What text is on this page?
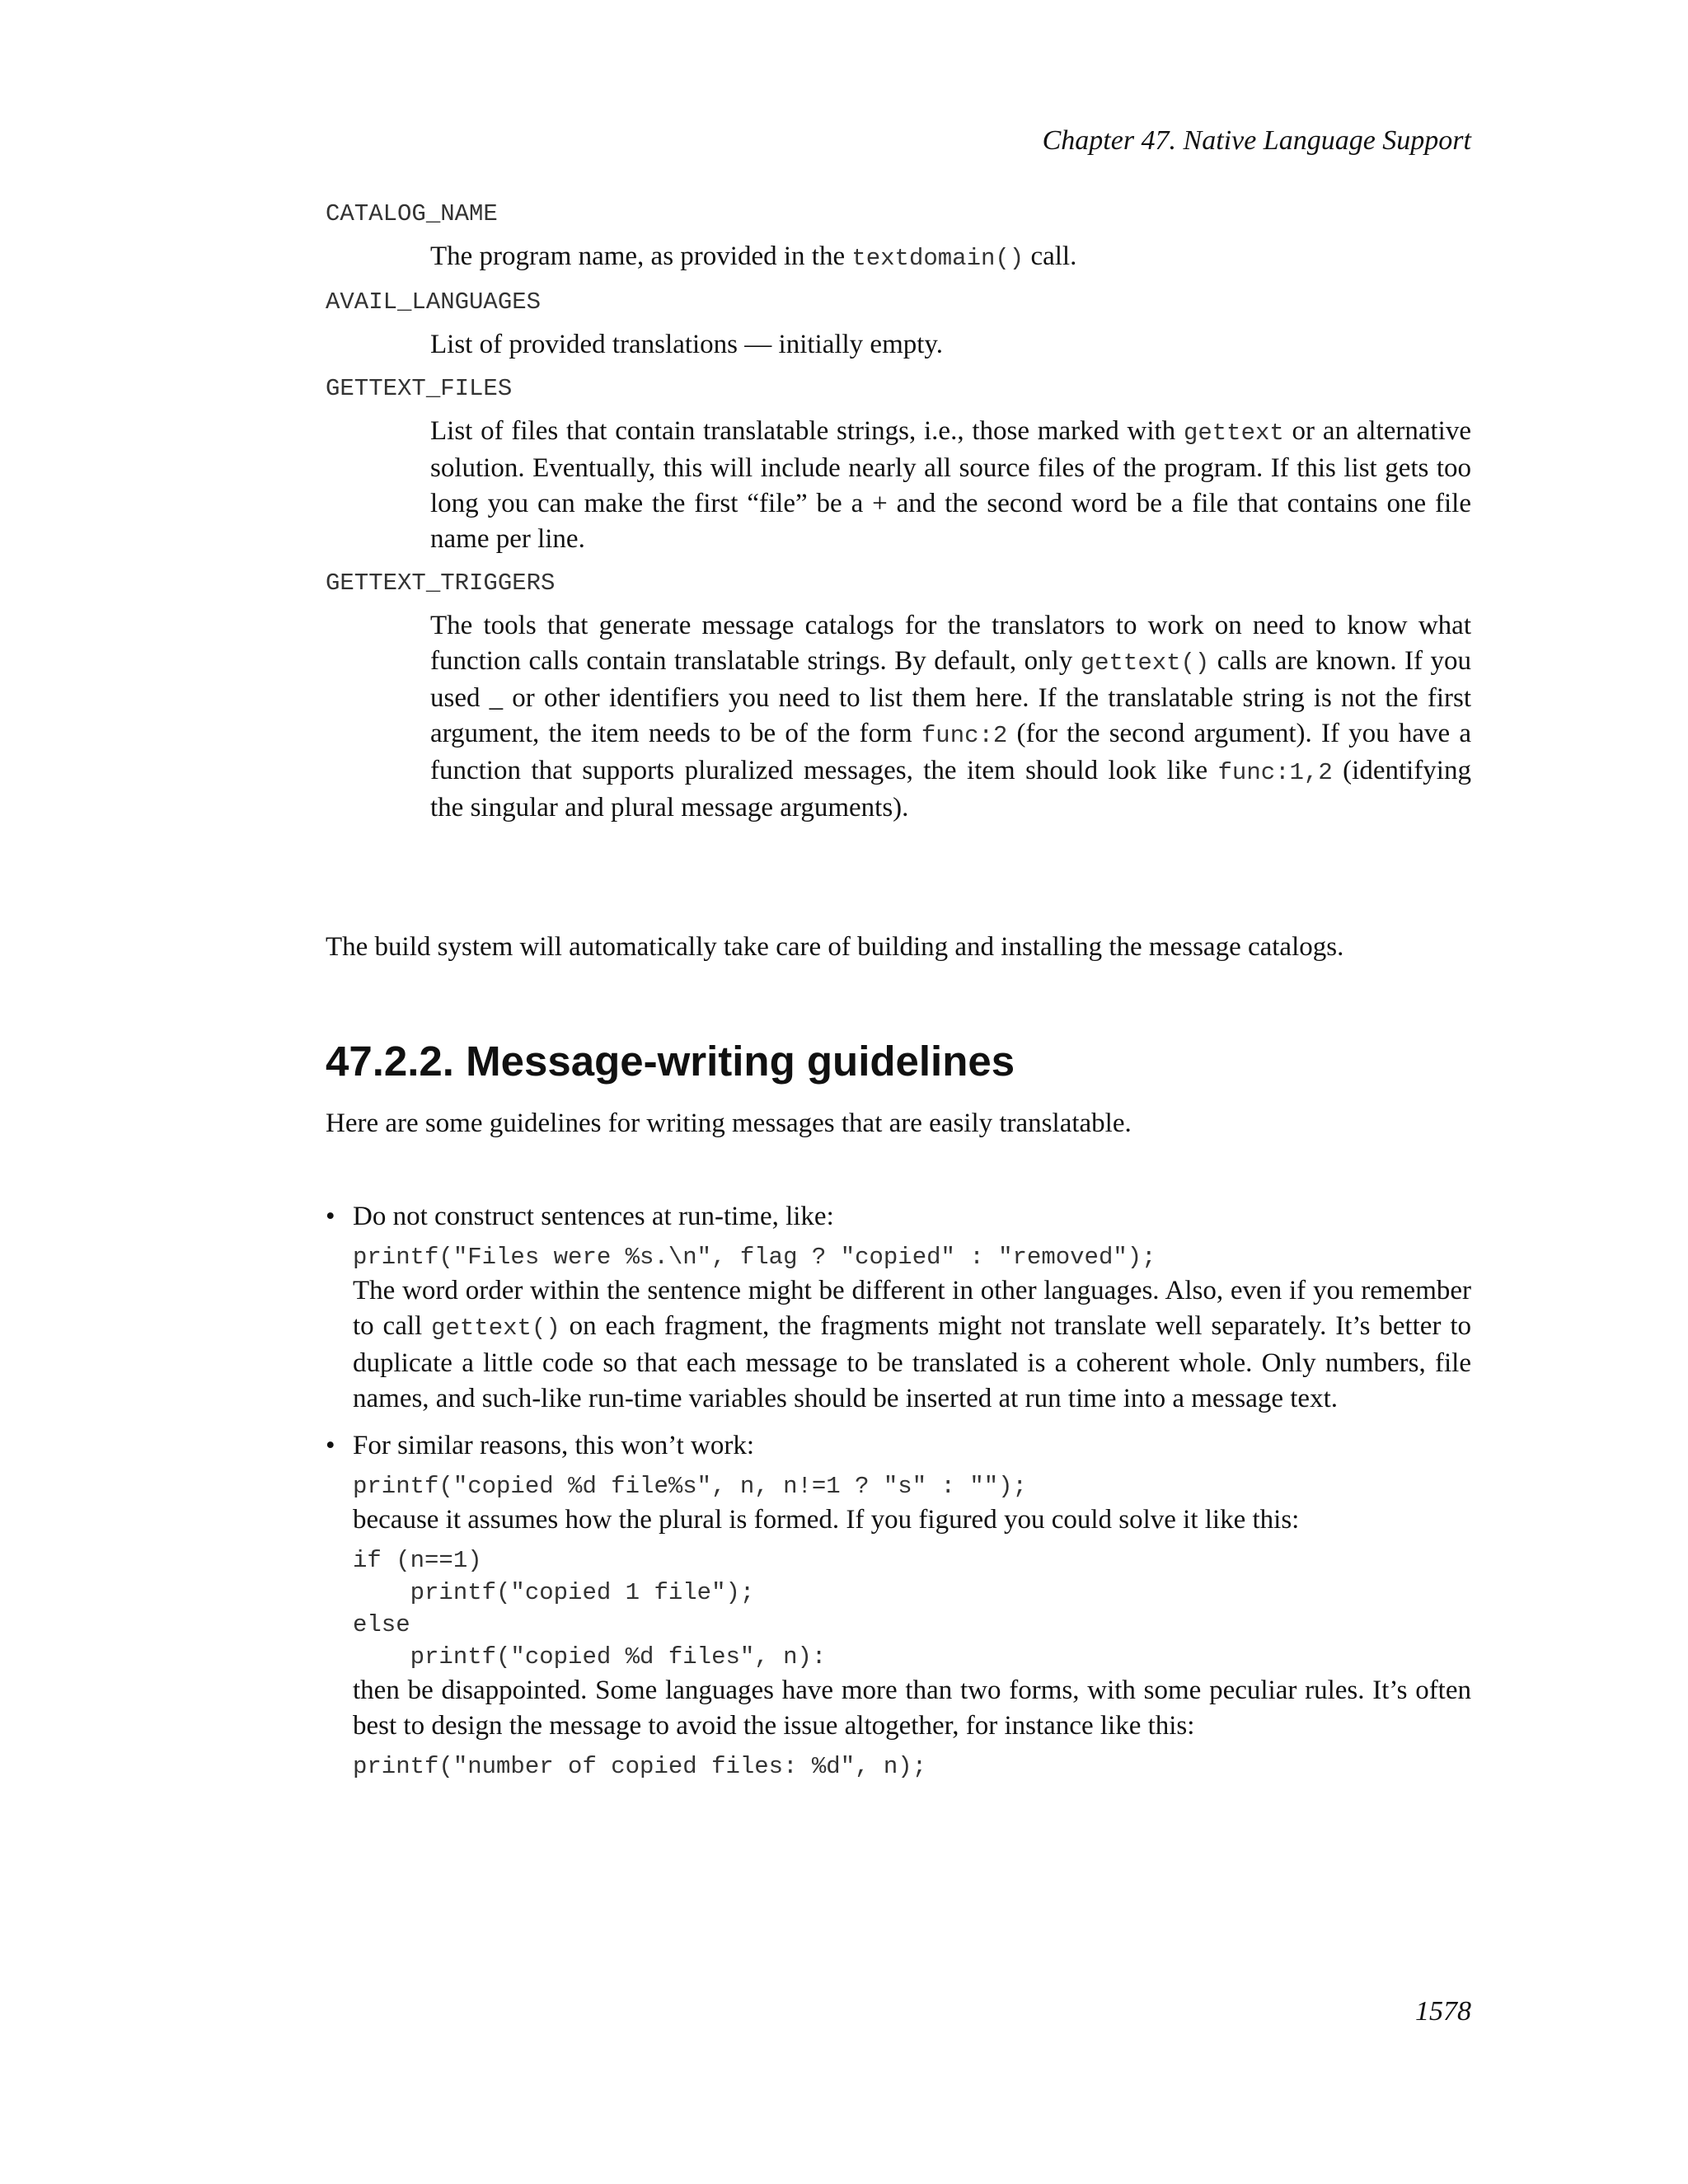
Chapter 47. Native Language Support
CATALOG_NAME
The program name, as provided in the textdomain() call.
AVAIL_LANGUAGES
List of provided translations — initially empty.
GETTEXT_FILES
List of files that contain translatable strings, i.e., those marked with gettext or an alternative solution. Eventually, this will include nearly all source files of the program. If this list gets too long you can make the first “file” be a + and the second word be a file that contains one file name per line.
GETTEXT_TRIGGERS
The tools that generate message catalogs for the translators to work on need to know what function calls contain translatable strings. By default, only gettext() calls are known. If you used _ or other identifiers you need to list them here. If the translatable string is not the first argument, the item needs to be of the form func:2 (for the second argument). If you have a function that supports pluralized messages, the item should look like func:1,2 (identifying the singular and plural message arguments).
The build system will automatically take care of building and installing the message catalogs.
47.2.2. Message-writing guidelines
Here are some guidelines for writing messages that are easily translatable.
• Do not construct sentences at run-time, like:
printf("Files were %s.\n", flag ? "copied" : "removed");
The word order within the sentence might be different in other languages. Also, even if you remember to call gettext() on each fragment, the fragments might not translate well separately. It’s better to duplicate a little code so that each message to be translated is a coherent whole. Only numbers, file names, and such-like run-time variables should be inserted at run time into a message text.
• For similar reasons, this won’t work:
printf("copied %d file%s", n, n!=1 ? "s" : "");
because it assumes how the plural is formed. If you figured you could solve it like this:
if (n==1)
printf("copied 1 file");
else
printf("copied %d files", n):
then be disappointed. Some languages have more than two forms, with some peculiar rules. It’s often best to design the message to avoid the issue altogether, for instance like this:
printf("number of copied files: %d", n);
1578
